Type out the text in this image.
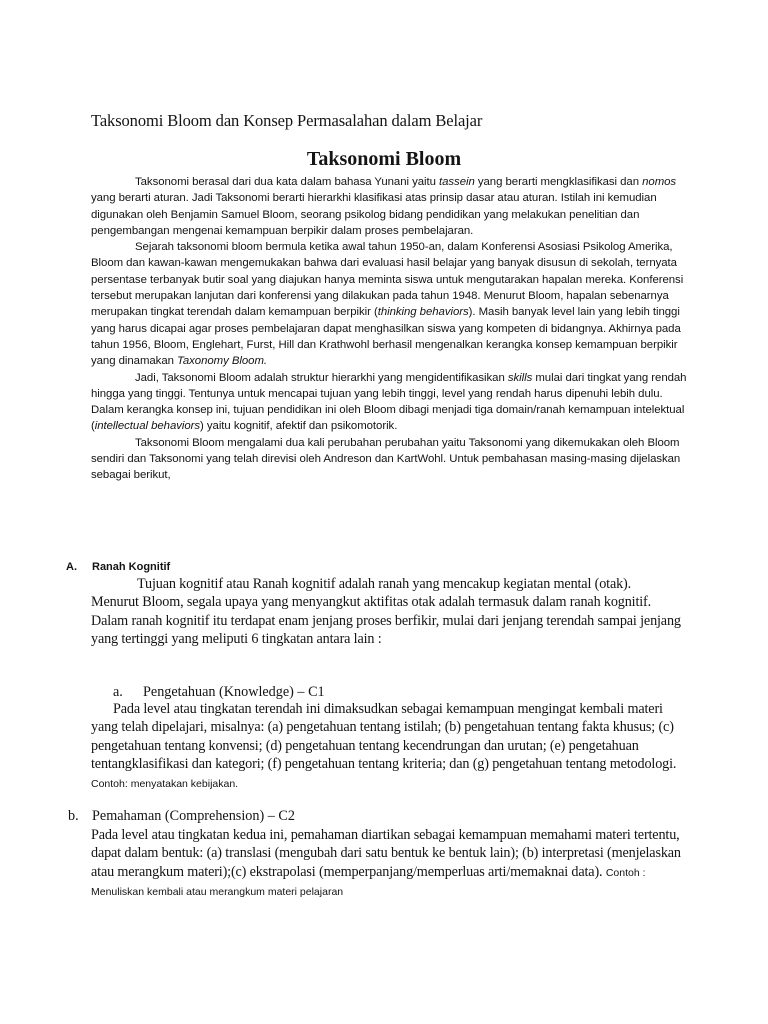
Taksonomi Bloom dan Konsep Permasalahan dalam Belajar
Taksonomi Bloom

Taksonomi berasal dari dua kata dalam bahasa Yunani yaitu tassein yang berarti mengklasifikasi dan nomos yang berarti aturan. Jadi Taksonomi berarti hierarkhi klasifikasi atas prinsip dasar atau aturan. Istilah ini kemudian digunakan oleh Benjamin Samuel Bloom, seorang psikolog bidang pendidikan yang melakukan penelitian dan pengembangan mengenai kemampuan berpikir dalam proses pembelajaran.

Sejarah taksonomi bloom bermula ketika awal tahun 1950-an, dalam Konferensi Asosiasi Psikolog Amerika, Bloom dan kawan-kawan mengemukakan bahwa dari evaluasi hasil belajar yang banyak disusun di sekolah, ternyata persentase terbanyak butir soal yang diajukan hanya meminta siswa untuk mengutarakan hapalan mereka. Konferensi tersebut merupakan lanjutan dari konferensi yang dilakukan pada tahun 1948. Menurut Bloom, hapalan sebenarnya merupakan tingkat terendah dalam kemampuan berpikir (thinking behaviors). Masih banyak level lain yang lebih tinggi yang harus dicapai agar proses pembelajaran dapat menghasilkan siswa yang kompeten di bidangnya. Akhirnya pada tahun 1956, Bloom, Englehart, Furst, Hill dan Krathwohl berhasil mengenalkan kerangka konsep kemampuan berpikir yang dinamakan Taxonomy Bloom.

Jadi, Taksonomi Bloom adalah struktur hierarkhi yang mengidentifikasikan skills mulai dari tingkat yang rendah hingga yang tinggi. Tentunya untuk mencapai tujuan yang lebih tinggi, level yang rendah harus dipenuhi lebih dulu. Dalam kerangka konsep ini, tujuan pendidikan ini oleh Bloom dibagi menjadi tiga domain/ranah kemampuan intelektual (intellectual behaviors) yaitu kognitif, afektif dan psikomotorik.

Taksonomi Bloom mengalami dua kali perubahan perubahan yaitu Taksonomi yang dikemukakan oleh Bloom sendiri dan Taksonomi yang telah direvisi oleh Andreson dan KartWohl. Untuk pembahasan masing-masing dijelaskan sebagai berikut,

A. Ranah Kognitif

Tujuan kognitif atau Ranah kognitif adalah ranah yang mencakup kegiatan mental (otak). Menurut Bloom, segala upaya yang menyangkut aktifitas otak adalah termasuk dalam ranah kognitif. Dalam ranah kognitif itu terdapat enam jenjang proses berfikir, mulai dari jenjang terendah sampai jenjang yang tertinggi yang meliputi 6 tingkatan antara lain :

a. Pengetahuan (Knowledge) – C1

Pada level atau tingkatan terendah ini dimaksudkan sebagai kemampuan mengingat kembali materi yang telah dipelajari, misalnya: (a) pengetahuan tentang istilah; (b) pengetahuan tentang fakta khusus; (c) pengetahuan tentang konvensi; (d) pengetahuan tentang kecendrungan dan urutan; (e) pengetahuan tentangklasifikasi dan kategori; (f) pengetahuan tentang kriteria; dan (g) pengetahuan tentang metodologi. Contoh: menyatakan kebijakan.

b. Pemahaman (Comprehension) – C2

Pada level atau tingkatan kedua ini, pemahaman diartikan sebagai kemampuan memahami materi tertentu, dapat dalam bentuk: (a) translasi (mengubah dari satu bentuk ke bentuk lain); (b) interpretasi (menjelaskan atau merangkum materi);(c) ekstrapolasi (memperpanjang/memperluas arti/memaknai data). Contoh : Menuliskan kembali atau merangkum materi pelajaran
